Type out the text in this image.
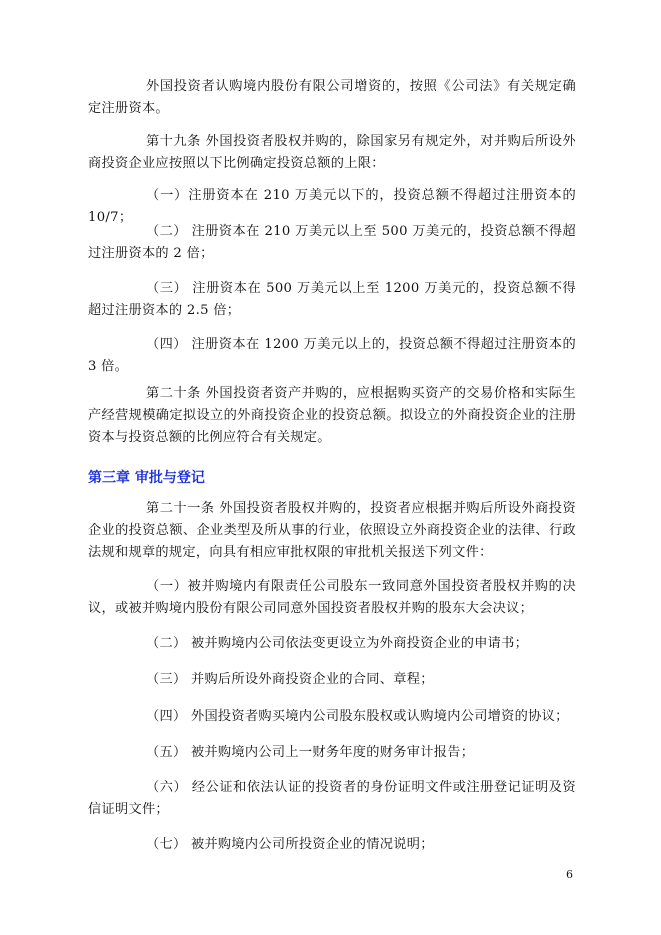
外国投资者认购境内股份有限公司增资的，按照《公司法》有关规定确定注册资本。

第十九条 外国投资者股权并购的，除国家另有规定外，对并购后所设外商投资企业应按照以下比例确定投资总额的上限：

（一）注册资本在 210 万美元以下的，投资总额不得超过注册资本的 10/7；

（二） 注册资本在 210 万美元以上至 500 万美元的，投资总额不得超过注册资本的 2 倍；

（三） 注册资本在 500 万美元以上至 1200 万美元的，投资总额不得超过注册资本的 2.5 倍；

（四） 注册资本在 1200 万美元以上的，投资总额不得超过注册资本的 3 倍。

第二十条 外国投资者资产并购的，应根据购买资产的交易价格和实际生产经营规模确定拟设立的外商投资企业的投资总额。拟设立的外商投资企业的注册资本与投资总额的比例应符合有关规定。

第三章 审批与登记

第二十一条 外国投资者股权并购的，投资者应根据并购后所设外商投资企业的投资总额、企业类型及所从事的行业，依照设立外商投资企业的法律、行政法规和规章的规定，向具有相应审批权限的审批机关报送下列文件：

（一）被并购境内有限责任公司股东一致同意外国投资者股权并购的决议，或被并购境内股份有限公司同意外国投资者股权并购的股东大会决议；

（二） 被并购境内公司依法变更设立为外商投资企业的申请书；

（三） 并购后所设外商投资企业的合同、章程；

（四） 外国投资者购买境内公司股东股权或认购境内公司增资的协议；

（五） 被并购境内公司上一财务年度的财务审计报告；

（六） 经公证和依法认证的投资者的身份证明文件或注册登记证明及资信证明文件；

（七） 被并购境内公司所投资企业的情况说明；

6
